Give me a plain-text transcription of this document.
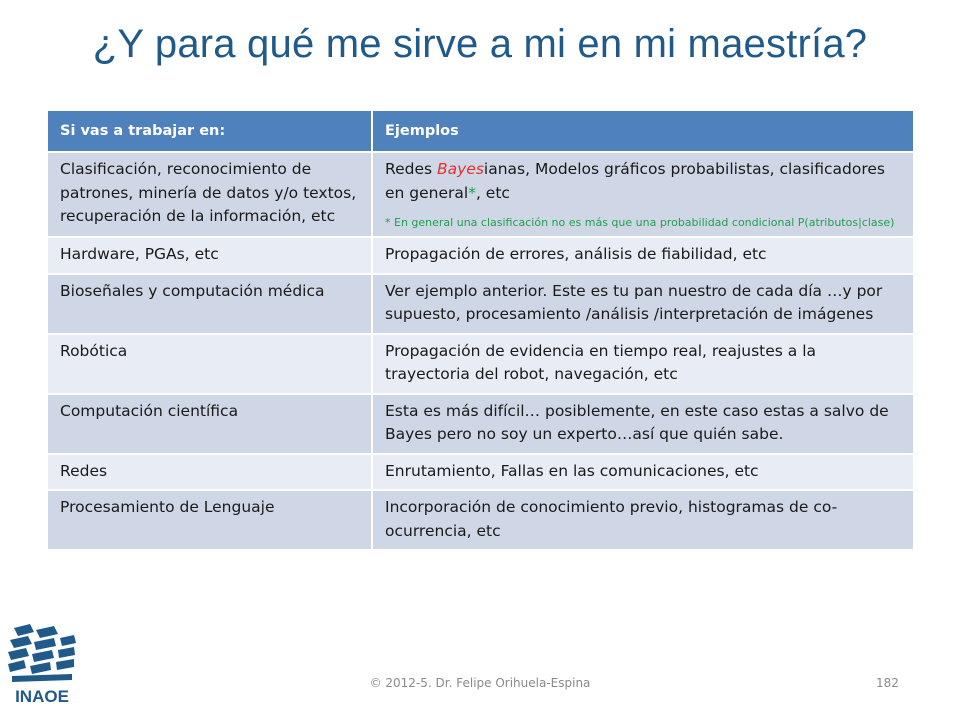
¿Y para qué me sirve a mi en mi maestría?
Si vas a trabajar en:	Ejemplos
Clasificación, reconocimiento de patrones, minería de datos y/o textos, recuperación de la información, etc	Redes Bayesianas, Modelos gráficos probabilistas, clasificadores en general*, etc
* En general una clasificación no es más que una probabilidad condicional P(atributos|clase)

Hardware, PGAs, etc	Propagación de errores, análisis de fiabilidad, etc
Bioseñales y computación médica	Ver ejemplo anterior. Este es tu pan nuestro de cada día …y por supuesto, procesamiento /análisis /interpretación de imágenes
Robótica	Propagación de evidencia en tiempo real, reajustes a la trayectoria del robot, navegación, etc
Computación científica	Esta es más difícil… posiblemente, en este caso estas a salvo de Bayes pero no soy un experto…así que quién sabe.
Redes	Enrutamiento, Fallas en las comunicaciones, etc
Procesamiento de Lenguaje	Incorporación de conocimiento previo, histogramas de co-ocurrencia, etc
INAOE
© 2012-5. Dr. Felipe Orihuela-Espina	182
